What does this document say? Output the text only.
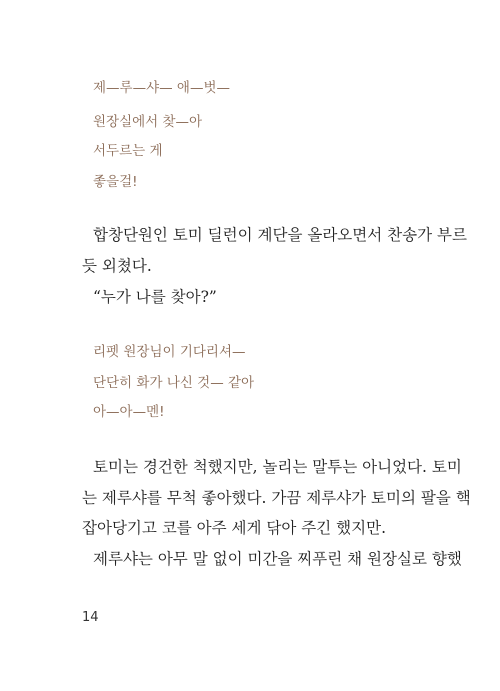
제—루—샤— 애—벗—
원장실에서 찾—아
서두르는 게
좋을걸!
합창단원인 토미 딜런이 계단을 올라오면서 찬송가 부르
듯 외쳤다.
“누가 나를 찾아?”
리펫 원장님이 기다리셔—
단단히 화가 나신 것— 같아
아—아—멘!
토미는 경건한 척했지만, 놀리는 말투는 아니었다. 토미
는 제루샤를 무척 좋아했다. 가끔 제루샤가 토미의 팔을 핵
잡아당기고 코를 아주 세게 닦아 주긴 했지만.
제루샤는 아무 말 없이 미간을 찌푸린 채 원장실로 향했
14
